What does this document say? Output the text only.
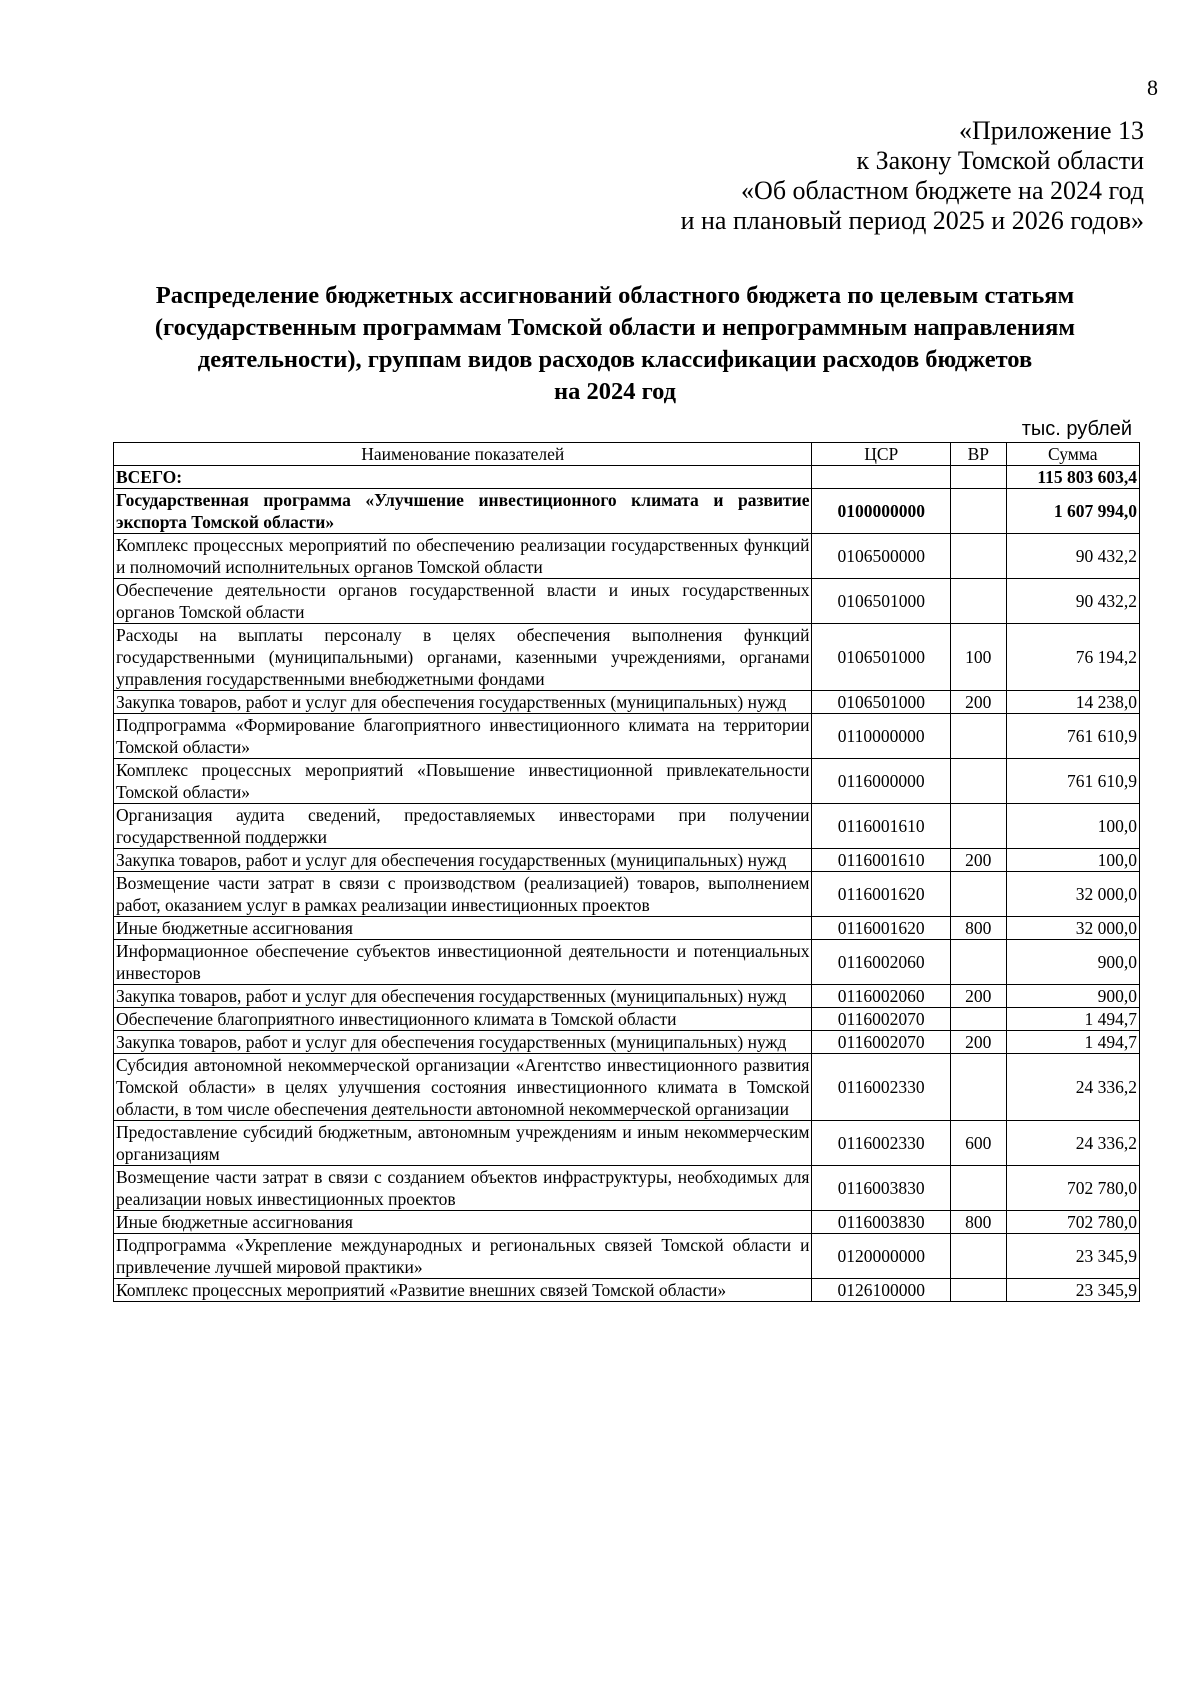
8
«Приложение 13
к Закону Томской области
«Об областном бюджете на 2024 год
и на плановый период 2025 и 2026 годов»
Распределение бюджетных ассигнований областного бюджета по целевым статьям
(государственным программам Томской области и непрограммным направлениям
деятельности), группам видов расходов классификации расходов бюджетов
на 2024 год
тыс. рублей
Наименование показателей	ЦСР	ВР	Сумма
ВСЕГО:			115 803 603,4
Государственная программа «Улучшение инвестиционного климата и развитие экспорта Томской области»	0100000000		1 607 994,0
Комплекс процессных мероприятий по обеспечению реализации государственных функций и полномочий исполнительных органов Томской области	0106500000		90 432,2
Обеспечение деятельности органов государственной власти и иных государственных органов Томской области	0106501000		90 432,2
Расходы на выплаты персоналу в целях обеспечения выполнения функций государственными (муниципальными) органами, казенными учреждениями, органами управления государственными внебюджетными фондами	0106501000	100	76 194,2
Закупка товаров, работ и услуг для обеспечения государственных (муниципальных) нужд	0106501000	200	14 238,0
Подпрограмма «Формирование благоприятного инвестиционного климата на территории Томской области»	0110000000		761 610,9
Комплекс процессных мероприятий «Повышение инвестиционной привлекательности Томской области»	0116000000		761 610,9
Организация аудита сведений, предоставляемых инвесторами при получении государственной поддержки	0116001610		100,0
Закупка товаров, работ и услуг для обеспечения государственных (муниципальных) нужд	0116001610	200	100,0
Возмещение части затрат в связи с производством (реализацией) товаров, выполнением работ, оказанием услуг в рамках реализации инвестиционных проектов	0116001620		32 000,0
Иные бюджетные ассигнования	0116001620	800	32 000,0
Информационное обеспечение субъектов инвестиционной деятельности и потенциальных инвесторов	0116002060		900,0
Закупка товаров, работ и услуг для обеспечения государственных (муниципальных) нужд	0116002060	200	900,0
Обеспечение благоприятного инвестиционного климата в Томской области	0116002070		1 494,7
Закупка товаров, работ и услуг для обеспечения государственных (муниципальных) нужд	0116002070	200	1 494,7
Субсидия автономной некоммерческой организации «Агентство инвестиционного развития Томской области» в целях улучшения состояния инвестиционного климата в Томской области, в том числе обеспечения деятельности автономной некоммерческой организации	0116002330		24 336,2
Предоставление субсидий бюджетным, автономным учреждениям и иным некоммерческим организациям	0116002330	600	24 336,2
Возмещение части затрат в связи с созданием объектов инфраструктуры, необходимых для реализации новых инвестиционных проектов	0116003830		702 780,0
Иные бюджетные ассигнования	0116003830	800	702 780,0
Подпрограмма «Укрепление международных и региональных связей Томской области и привлечение лучшей мировой практики»	0120000000		23 345,9
Комплекс процессных мероприятий «Развитие внешних связей Томской области»	0126100000		23 345,9
